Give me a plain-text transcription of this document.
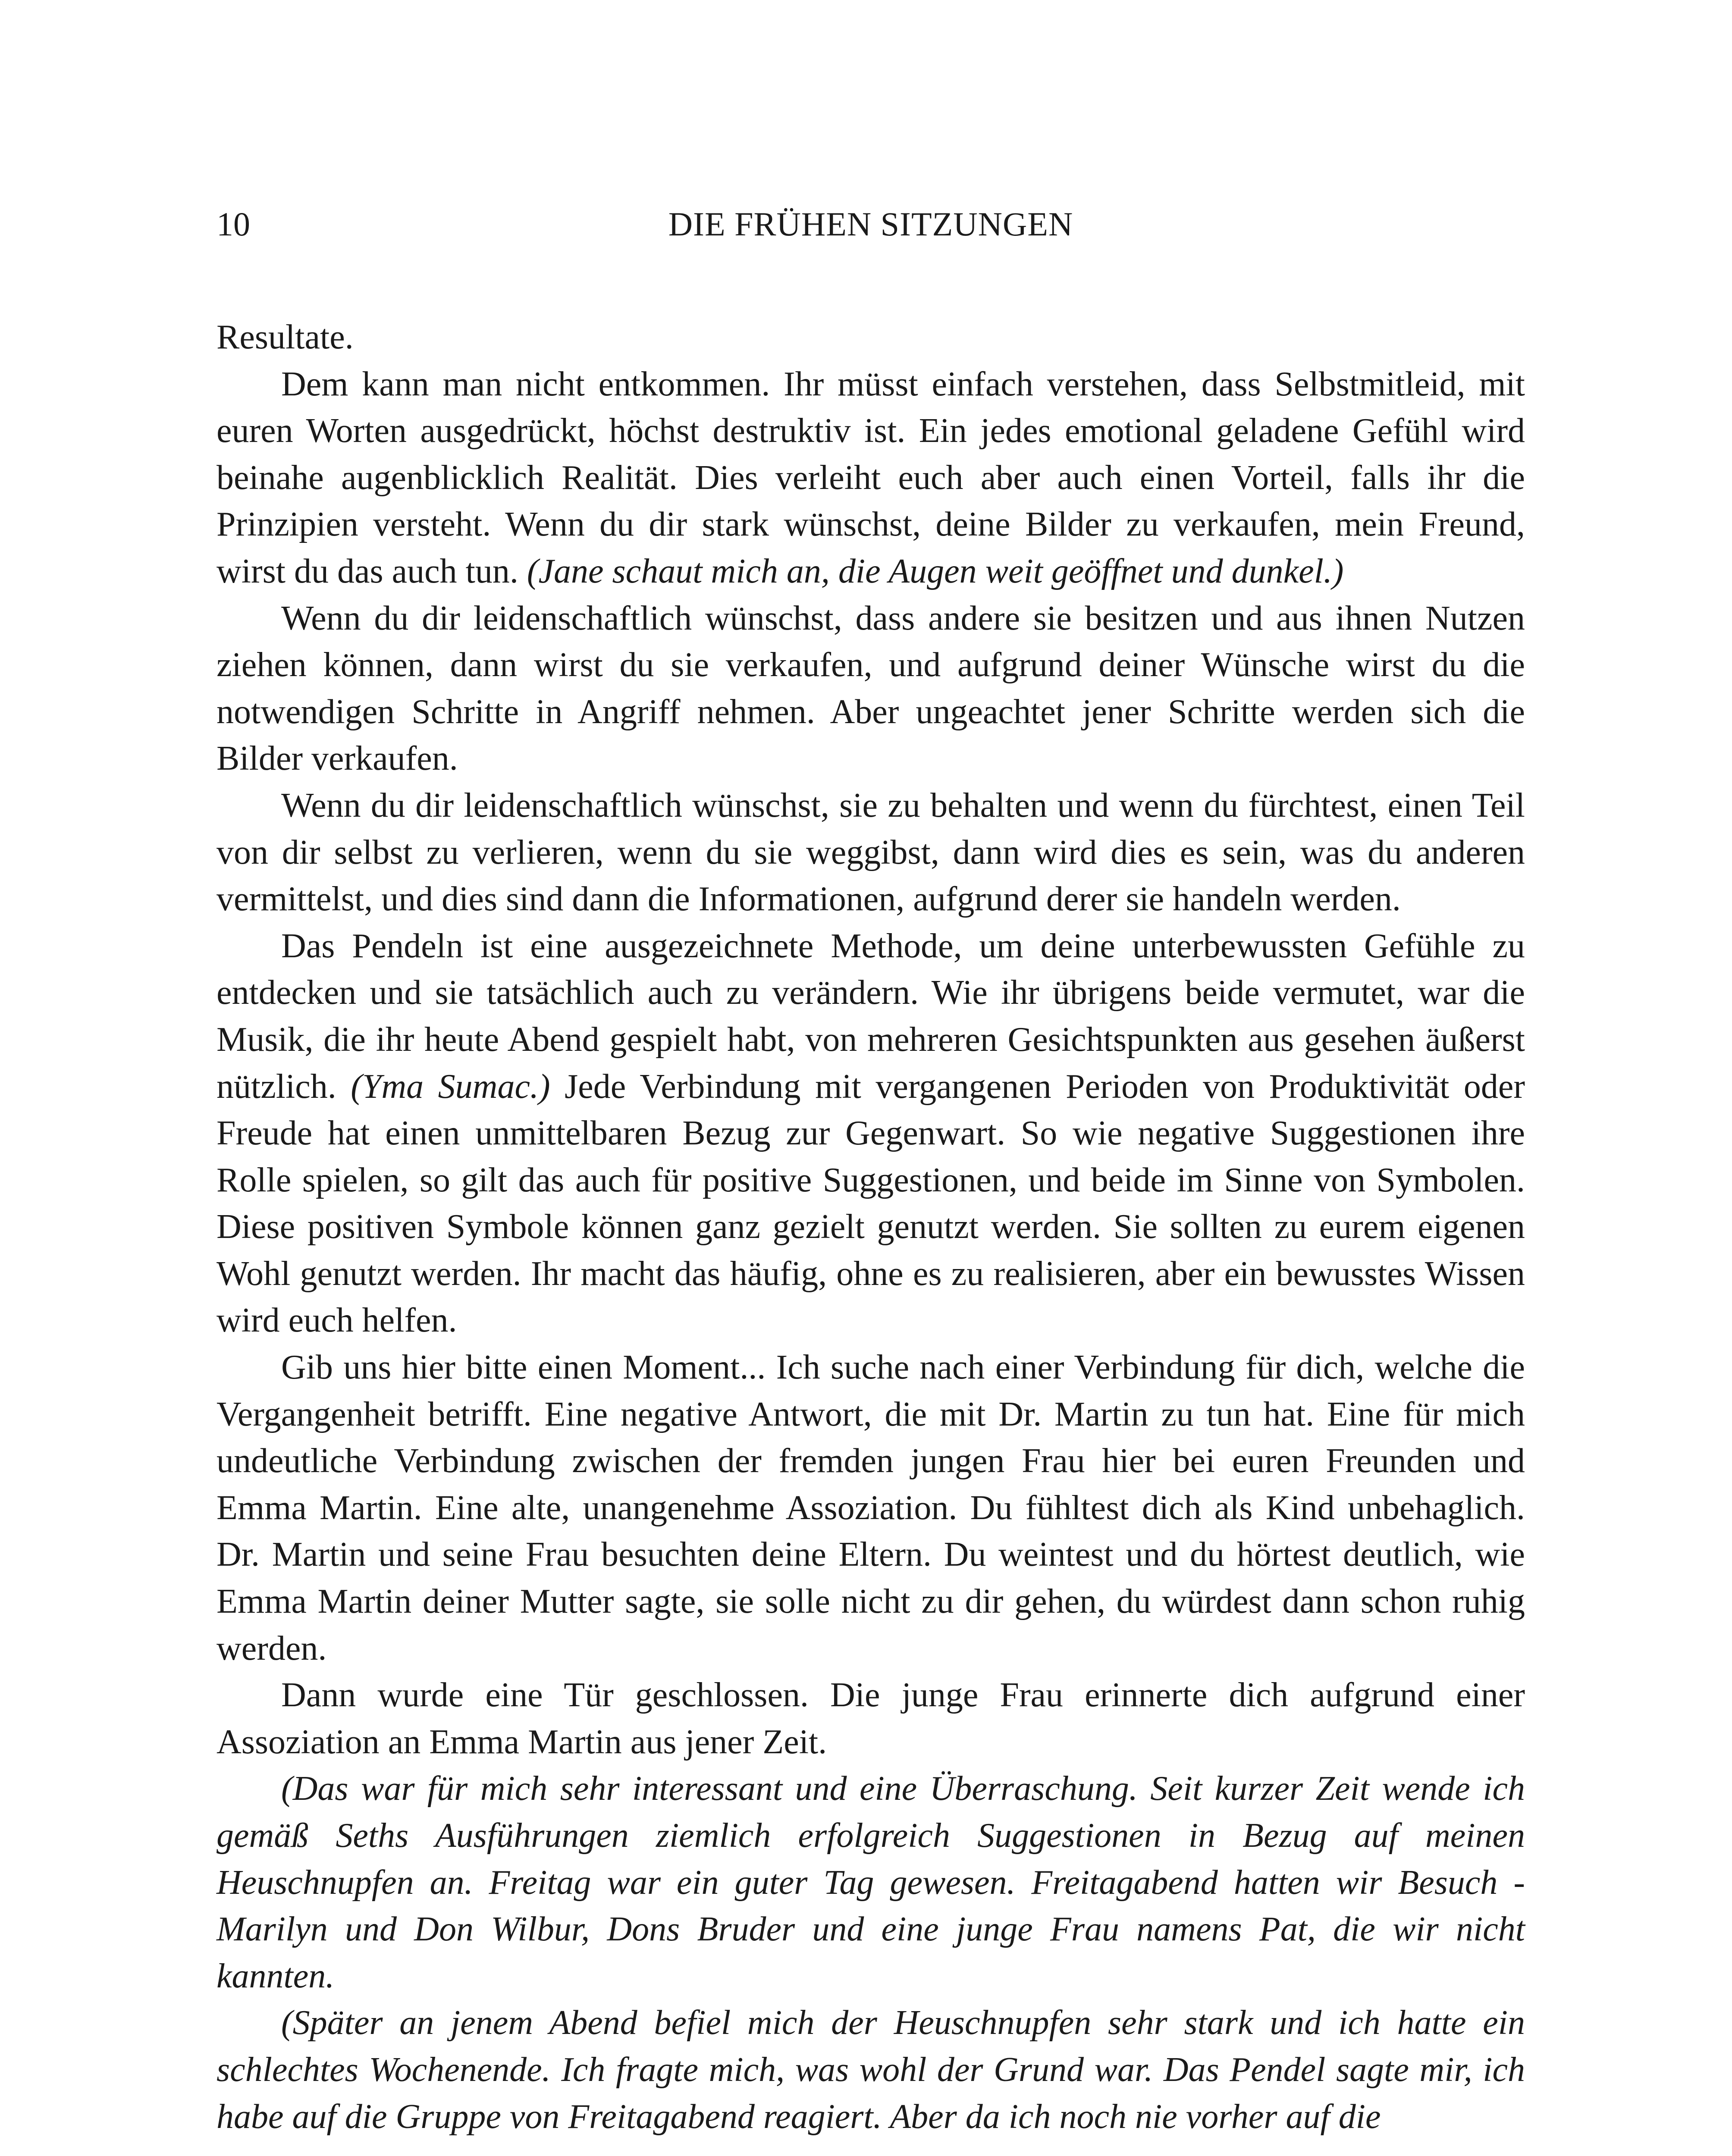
10	DIE FRÜHEN SITZUNGEN

Resultate.

Dem kann man nicht entkommen. Ihr müsst einfach verstehen, dass Selbstmitleid, mit euren Worten ausgedrückt, höchst destruktiv ist. Ein jedes emotional geladene Gefühl wird beinahe augenblicklich Realität. Dies verleiht euch aber auch einen Vorteil, falls ihr die Prinzipien versteht. Wenn du dir stark wünschst, deine Bilder zu verkaufen, mein Freund, wirst du das auch tun. (Jane schaut mich an, die Augen weit geöffnet und dunkel.)

Wenn du dir leidenschaftlich wünschst, dass andere sie besitzen und aus ihnen Nutzen ziehen können, dann wirst du sie verkaufen, und aufgrund deiner Wünsche wirst du die notwendigen Schritte in Angriff nehmen. Aber ungeachtet jener Schritte werden sich die Bilder verkaufen.

Wenn du dir leidenschaftlich wünschst, sie zu behalten und wenn du fürchtest, einen Teil von dir selbst zu verlieren, wenn du sie weggibst, dann wird dies es sein, was du anderen vermittelst, und dies sind dann die Informationen, aufgrund derer sie handeln werden.

Das Pendeln ist eine ausgezeichnete Methode, um deine unterbewussten Gefühle zu entdecken und sie tatsächlich auch zu verändern. Wie ihr übrigens beide vermutet, war die Musik, die ihr heute Abend gespielt habt, von mehreren Gesichtspunkten aus gesehen äußerst nützlich. (Yma Sumac.) Jede Verbindung mit vergangenen Perioden von Produktivität oder Freude hat einen unmittelbaren Bezug zur Gegenwart. So wie negative Suggestionen ihre Rolle spielen, so gilt das auch für positive Suggestionen, und beide im Sinne von Symbolen. Diese positiven Symbole können ganz gezielt genutzt werden. Sie sollten zu eurem eigenen Wohl genutzt werden. Ihr macht das häufig, ohne es zu realisieren, aber ein bewusstes Wissen wird euch helfen.

Gib uns hier bitte einen Moment... Ich suche nach einer Verbindung für dich, welche die Vergangenheit betrifft. Eine negative Antwort, die mit Dr. Martin zu tun hat. Eine für mich undeutliche Verbindung zwischen der fremden jungen Frau hier bei euren Freunden und Emma Martin. Eine alte, unangenehme Assoziation. Du fühltest dich als Kind unbehaglich. Dr. Martin und seine Frau besuchten deine Eltern. Du weintest und du hörtest deutlich, wie Emma Martin deiner Mutter sagte, sie solle nicht zu dir gehen, du würdest dann schon ruhig werden.

Dann wurde eine Tür geschlossen. Die junge Frau erinnerte dich aufgrund einer Assoziation an Emma Martin aus jener Zeit.

(Das war für mich sehr interessant und eine Überraschung. Seit kurzer Zeit wende ich gemäß Seths Ausführungen ziemlich erfolgreich Suggestionen in Bezug auf meinen Heuschnupfen an. Freitag war ein guter Tag gewesen. Freitagabend hatten wir Besuch - Marilyn und Don Wilbur, Dons Bruder und eine junge Frau namens Pat, die wir nicht kannten.

(Später an jenem Abend befiel mich der Heuschnupfen sehr stark und ich hatte ein schlechtes Wochenende. Ich fragte mich, was wohl der Grund war. Das Pendel sagte mir, ich habe auf die Gruppe von Freitagabend reagiert. Aber da ich noch nie vorher auf die
